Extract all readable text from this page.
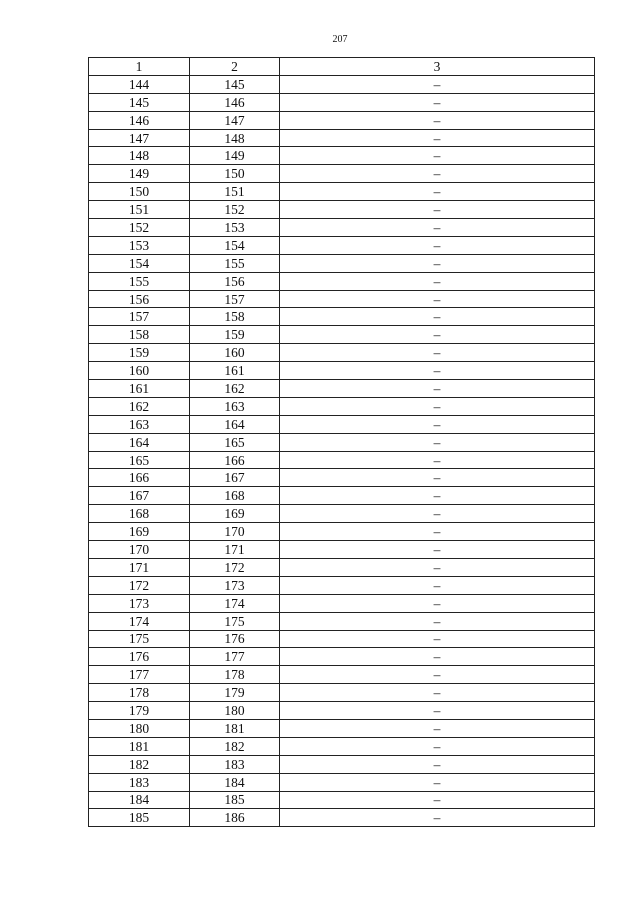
207
1	2	3
144	145	–
145	146	–
146	147	–
147	148	–
148	149	–
149	150	–
150	151	–
151	152	–
152	153	–
153	154	–
154	155	–
155	156	–
156	157	–
157	158	–
158	159	–
159	160	–
160	161	–
161	162	–
162	163	–
163	164	–
164	165	–
165	166	–
166	167	–
167	168	–
168	169	–
169	170	–
170	171	–
171	172	–
172	173	–
173	174	–
174	175	–
175	176	–
176	177	–
177	178	–
178	179	–
179	180	–
180	181	–
181	182	–
182	183	–
183	184	–
184	185	–
185	186	–
